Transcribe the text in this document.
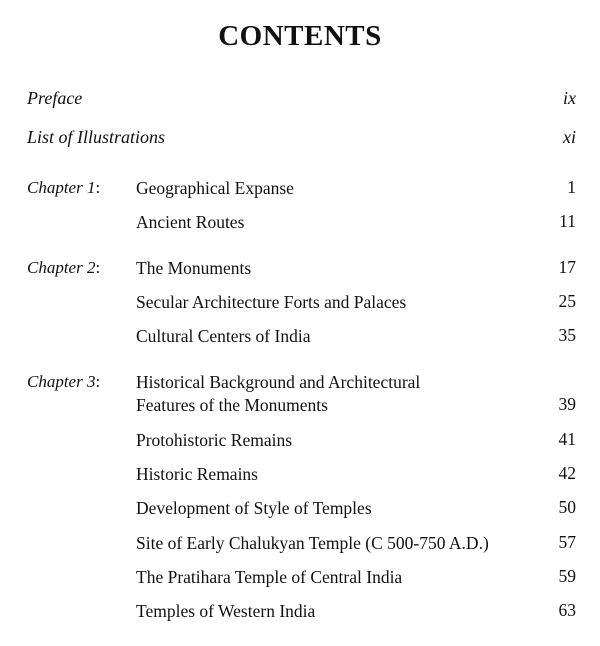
CONTENTS
Preface	ix
List of Illustrations	xi
Chapter 1: Geographical Expanse	1
Ancient Routes	11
Chapter 2: The Monuments	17
Secular Architecture Forts and Palaces	25
Cultural Centers of India	35
Chapter 3: Historical Background and Architectural
Features of the Monuments	39
Protohistoric Remains	41
Historic Remains	42
Development of Style of Temples	50
Site of Early Chalukyan Temple (C 500-750 A.D.)	57
The Pratihara Temple of Central India	59
Temples of Western India	63
